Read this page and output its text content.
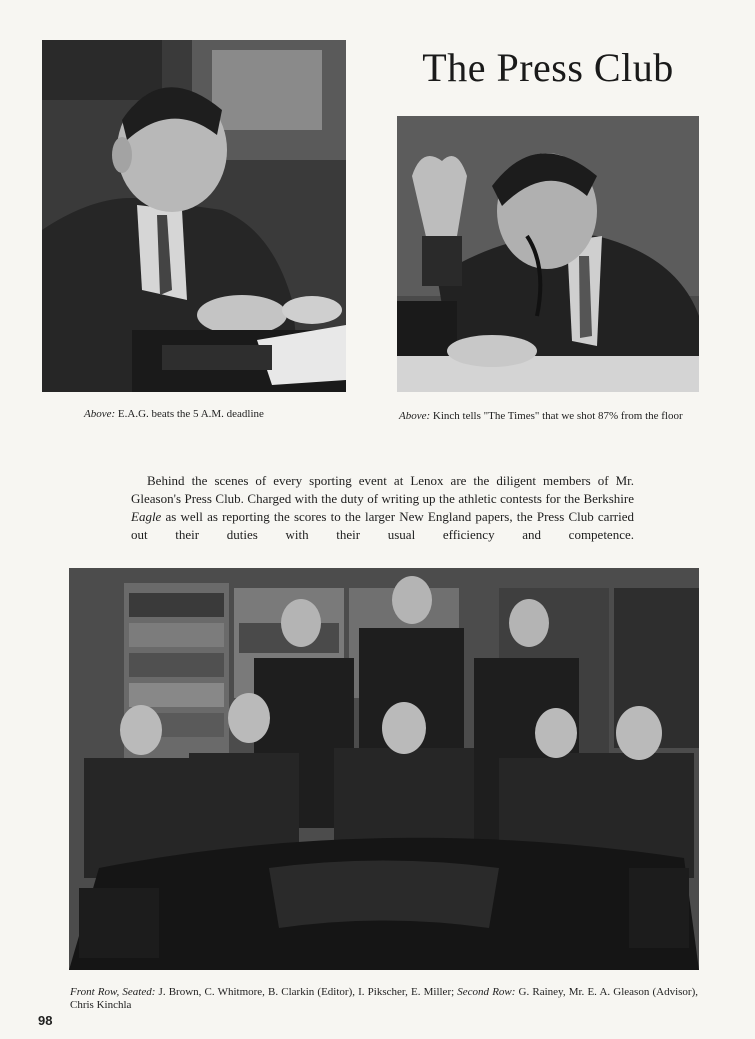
The Press Club
Above: E.A.G. beats the 5 A.M. deadline	Above: Kinch tells "The Times" that we shot 87% from the floor

Behind the scenes of every sporting event at Lenox are the diligent members of Mr. Gleason's Press Club. Charged with the duty of writing up the athletic contests for the Berkshire Eagle as well as reporting the scores to the larger New England papers, the Press Club carried out their duties with their usual efficiency and competence.

Front Row, Seated: J. Brown, C. Whitmore, B. Clarkin (Editor), I. Pikscher, E. Miller; Second Row: G. Rainey, Mr. E. A. Gleason (Advisor), Chris Kinchla
98
